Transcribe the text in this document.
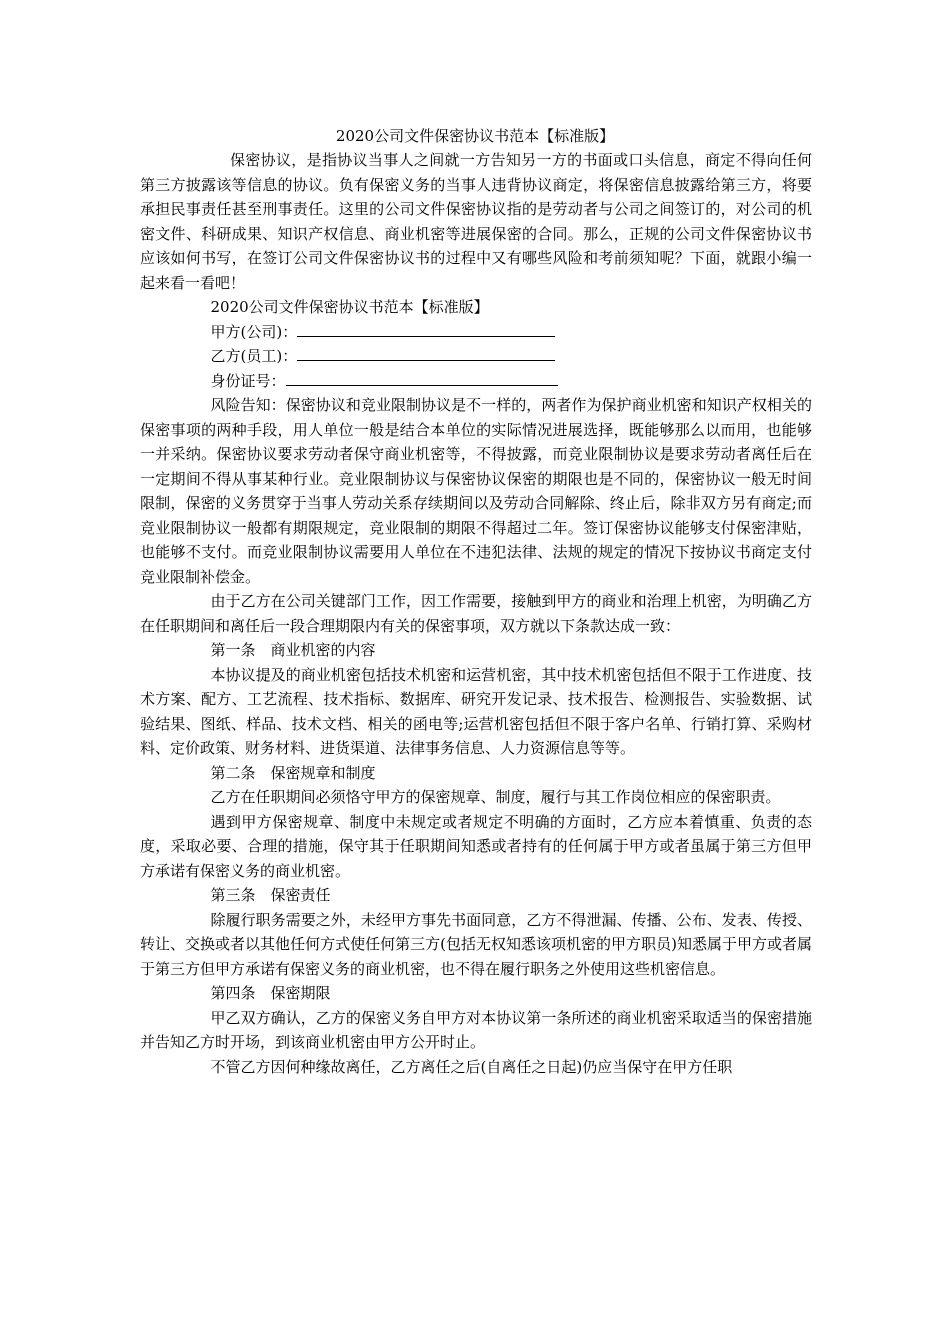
2020公司文件保密协议书范本【标准版】

保密协议，是指协议当事人之间就一方告知另一方的书面或口头信息，商定不得向任何第三方披露该等信息的协议。负有保密义务的当事人违背协议商定，将保密信息披露给第三方，将要承担民事责任甚至刑事责任。这里的公司文件保密协议指的是劳动者与公司之间签订的，对公司的机密文件、科研成果、知识产权信息、商业机密等进展保密的合同。那么，正规的公司文件保密协议书应该如何书写，在签订公司文件保密协议书的过程中又有哪些风险和考前须知呢？下面，就跟小编一起来看一看吧！

2020公司文件保密协议书范本【标准版】

甲方(公司)：

乙方(员工)：

身份证号：

风险告知：保密协议和竞业限制协议是不一样的，两者作为保护商业机密和知识产权相关的保密事项的两种手段，用人单位一般是结合本单位的实际情况进展选择，既能够那么以而用，也能够一并采纳。保密协议要求劳动者保守商业机密等，不得披露，而竞业限制协议是要求劳动者离任后在一定期间不得从事某种行业。竞业限制协议与保密协议保密的期限也是不同的，保密协议一般无时间限制，保密的义务贯穿于当事人劳动关系存续期间以及劳动合同解除、终止后，除非双方另有商定;而竞业限制协议一般都有期限规定，竞业限制的期限不得超过二年。签订保密协议能够支付保密津贴，也能够不支付。而竞业限制协议需要用人单位在不违犯法律、法规的规定的情况下按协议书商定支付竞业限制补偿金。

由于乙方在公司关键部门工作，因工作需要，接触到甲方的商业和治理上机密，为明确乙方在任职期间和离任后一段合理期限内有关的保密事项，双方就以下条款达成一致：

第一条　商业机密的内容

本协议提及的商业机密包括技术机密和运营机密，其中技术机密包括但不限于工作进度、技术方案、配方、工艺流程、技术指标、数据库、研究开发记录、技术报告、检测报告、实验数据、试验结果、图纸、样品、技术文档、相关的函电等;运营机密包括但不限于客户名单、行销打算、采购材料、定价政策、财务材料、进货渠道、法律事务信息、人力资源信息等等。

第二条　保密规章和制度

乙方在任职期间必须恪守甲方的保密规章、制度，履行与其工作岗位相应的保密职责。

遇到甲方保密规章、制度中未规定或者规定不明确的方面时，乙方应本着慎重、负责的态度，采取必要、合理的措施，保守其于任职期间知悉或者持有的任何属于甲方或者虽属于第三方但甲方承诺有保密义务的商业机密。

第三条　保密责任

除履行职务需要之外，未经甲方事先书面同意，乙方不得泄漏、传播、公布、发表、传授、转让、交换或者以其他任何方式使任何第三方(包括无权知悉该项机密的甲方职员)知悉属于甲方或者属于第三方但甲方承诺有保密义务的商业机密，也不得在履行职务之外使用这些机密信息。

第四条　保密期限

甲乙双方确认，乙方的保密义务自甲方对本协议第一条所述的商业机密采取适当的保密措施并告知乙方时开场，到该商业机密由甲方公开时止。

不管乙方因何种缘故离任，乙方离任之后(自离任之日起)仍应当保守在甲方任职
